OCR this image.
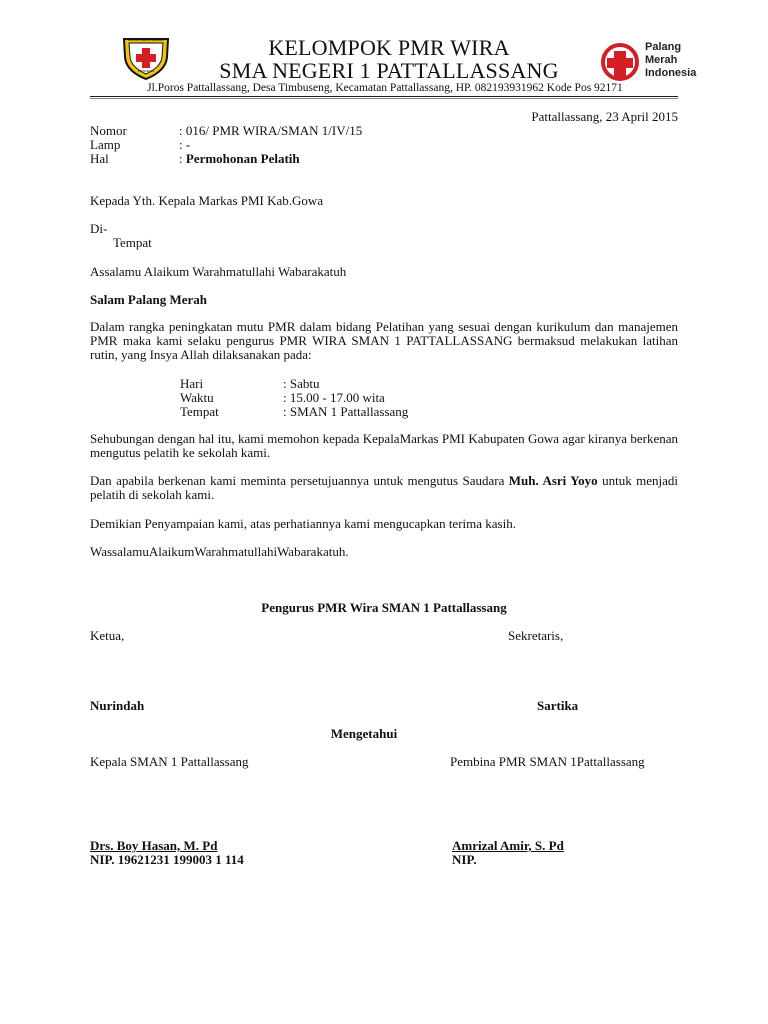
PALANG MERAH REMAJA
INDONESIA
KELOMPOK PMR WIRA
SMA NEGERI 1 PATTALLASSANG
Palang
Merah
Indonesia
Jl.Poros Pattallassang, Desa Timbuseng, Kecamatan Pattallassang, HP. 082193931962 Kode Pos 92171
Pattallassang, 23 April 2015
Nomor	: 016/ PMR WIRA/SMAN 1/IV/15
Lamp	: -
Hal	: Permohonan Pelatih
Kepada Yth. Kepala Markas PMI Kab.Gowa
Di-
Tempat
Assalamu Alaikum Warahmatullahi Wabarakatuh
Salam Palang Merah
Dalam rangka peningkatan mutu PMR dalam bidang Pelatihan yang sesuai dengan kurikulum dan manajemen PMR maka kami selaku pengurus PMR WIRA SMAN 1 PATTALLASSANG bermaksud melakukan latihan rutin, yang Insya Allah dilaksanakan pada:
Hari	: Sabtu
Waktu	: 15.00 - 17.00 wita
Tempat	: SMAN 1 Pattallassang
Sehubungan dengan hal itu, kami memohon kepada KepalaMarkas PMI Kabupaten Gowa agar kiranya berkenan mengutus pelatih ke sekolah kami.
Dan apabila berkenan kami meminta persetujuannya untuk mengutus Saudara Muh. Asri Yoyo untuk menjadi pelatih di sekolah kami.
Demikian Penyampaian kami, atas perhatiannya kami mengucapkan terima kasih.
WassalamuAlaikumWarahmatullahiWabarakatuh.
Pengurus PMR Wira SMAN 1 Pattallassang
Ketua,	Sekretaris,
Nurindah	Sartika
Mengetahui
Kepala SMAN 1 Pattallassang	Pembina PMR SMAN 1Pattallassang
Drs. Boy Hasan, M. Pd	Amrizal Amir, S. Pd
NIP. 19621231 199003 1 114	NIP.
